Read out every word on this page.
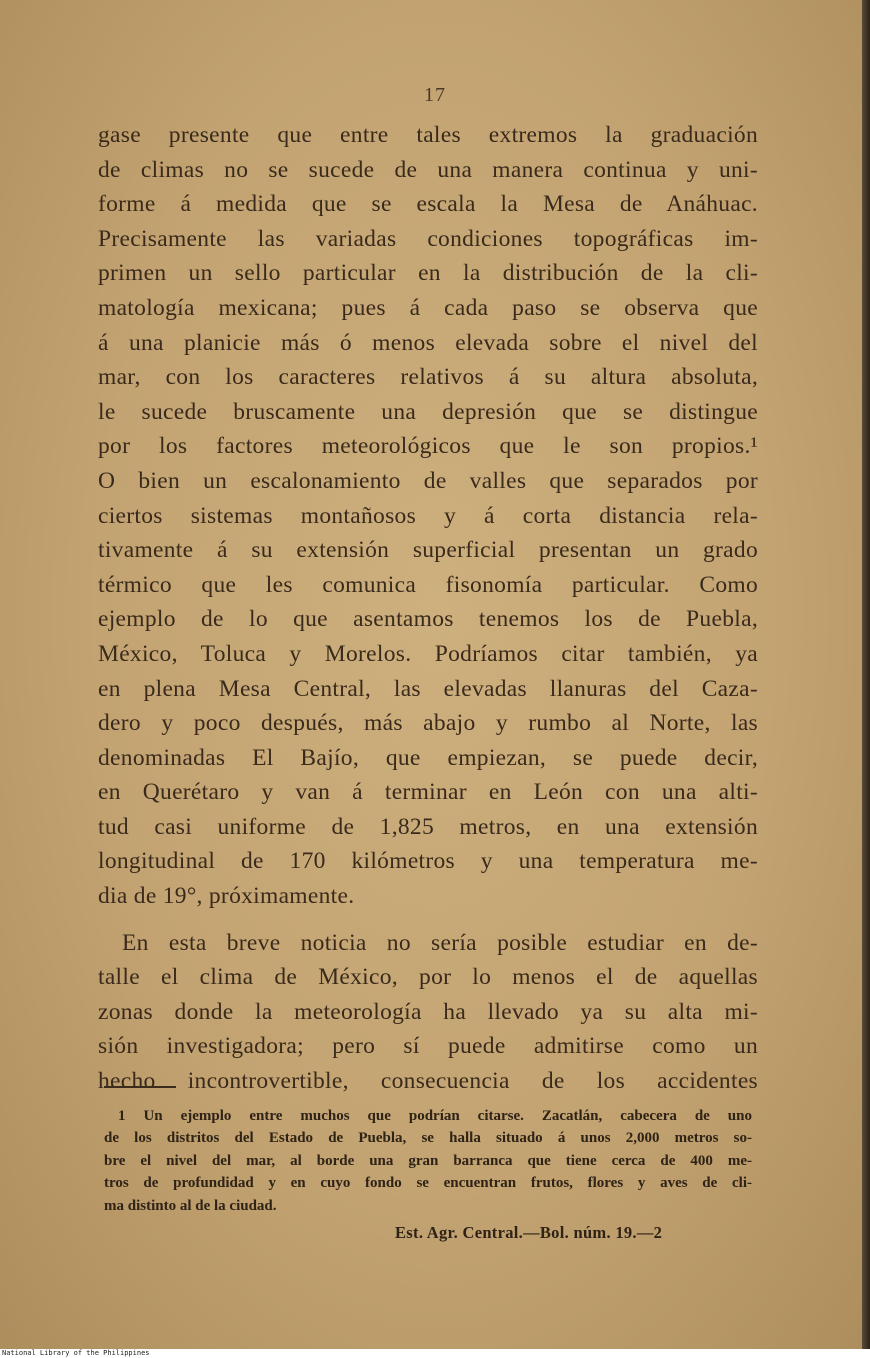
17
gase presente que entre tales extremos la graduación
de climas no se sucede de una manera continua y uni-
forme á medida que se escala la Mesa de Anáhuac.
Precisamente las variadas condiciones topográficas im-
primen un sello particular en la distribución de la cli-
matología mexicana; pues á cada paso se observa que
á una planicie más ó menos elevada sobre el nivel del
mar, con los caracteres relativos á su altura absoluta,
le sucede bruscamente una depresión que se distingue
por los factores meteorológicos que le son propios.¹
O bien un escalonamiento de valles que separados por
ciertos sistemas montañosos y á corta distancia rela-
tivamente á su extensión superficial presentan un grado
térmico que les comunica fisonomía particular. Como
ejemplo de lo que asentamos tenemos los de Puebla,
México, Toluca y Morelos. Podríamos citar también, ya
en plena Mesa Central, las elevadas llanuras del Caza-
dero y poco después, más abajo y rumbo al Norte, las
denominadas El Bajío, que empiezan, se puede decir,
en Querétaro y van á terminar en León con una alti-
tud casi uniforme de 1,825 metros, en una extensión
longitudinal de 170 kilómetros y una temperatura me-
dia de 19°, próximamente.
En esta breve noticia no sería posible estudiar en de-
talle el clima de México, por lo menos el de aquellas
zonas donde la meteorología ha llevado ya su alta mi-
sión investigadora; pero sí puede admitirse como un
hecho incontrovertible, consecuencia de los accidentes
1 Un ejemplo entre muchos que podrían citarse. Zacatlán, cabecera de uno
de los distritos del Estado de Puebla, se halla situado á unos 2,000 metros so-
bre el nivel del mar, al borde una gran barranca que tiene cerca de 400 me-
tros de profundidad y en cuyo fondo se encuentran frutos, flores y aves de cli-
ma distinto al de la ciudad.
Est. Agr. Central.—Bol. núm. 19.—2
National Library of the Philippines
